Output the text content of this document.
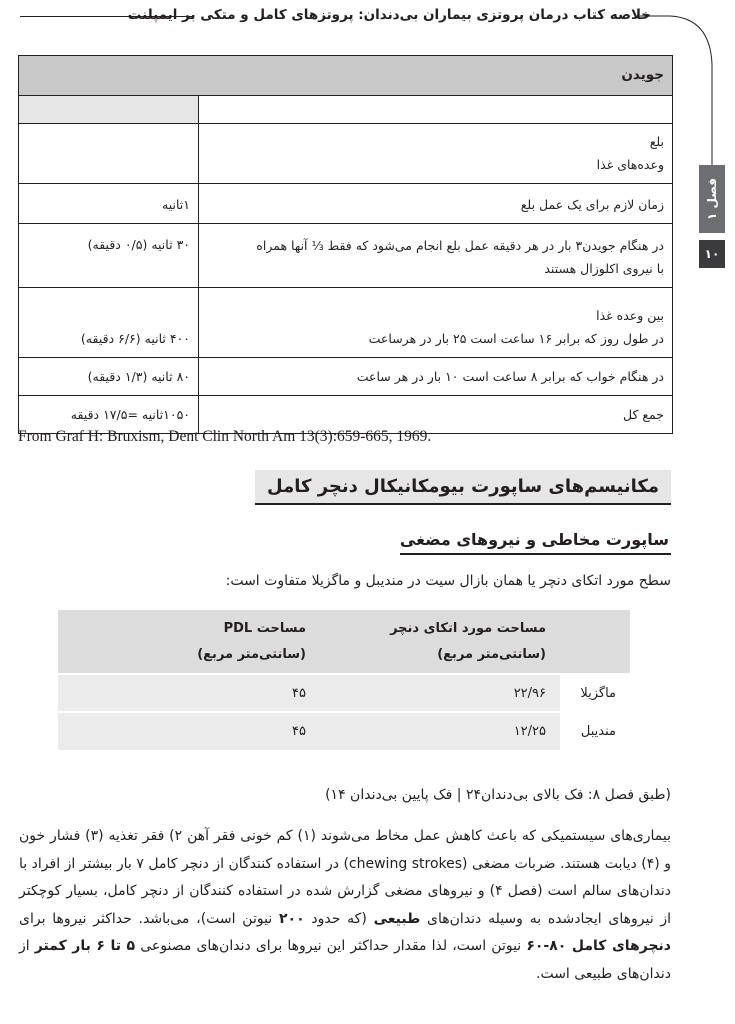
خلاصه کتاب درمان پروتزی بیماران بی‌دندان: پروتزهای کامل و متکی بر ایمپلنت
فصل ۱
۱۰
جویدن	

بلع
وعده‌های غذا	

زمان لازم برای یک عمل بلع	۱ثانیه
در هنگام جویدن۳ بار در هر دقیقه عمل بلع انجام می‌شود که فقط ⅓ آنها همراه
با نیروی اکلوزال هستند	۳۰ ثانیه (۰/۵ دقیقه)
بین وعده غذا
در طول روز که برابر ۱۶ ساعت است ۲۵ بار در هرساعت	۴۰۰ ثانیه (۶/۶ دقیقه)
در هنگام خواب که برابر ۸ ساعت است ۱۰ بار در هر ساعت	۸۰ ثانیه (۱/۳ دقیقه)
جمع کل	۱۰۵۰ثانیه =۱۷/۵ دقیقه
From Graf H: Bruxism, Dent Clin North Am 13(3):659-665, 1969.
مکانیسم‌های ساپورت بیومکانیکال دنچر کامل
ساپورت مخاطی و نیروهای مضغی
سطح مورد اتکای دنچر یا همان بازال سیت در مندیبل و ماگزیلا متفاوت است:
	مساحت مورد اتکای دنچر
(سانتی‌متر مربع)	مساحت PDL
(سانتی‌متر مربع)
ماگزیلا	۲۲/۹۶	۴۵
مندیبل	۱۲/۲۵	۴۵
(طبق فصل ۸: فک بالای بی‌دندان۲۴ | فک پایین بی‌دندان ۱۴)

بیماری‌های سیستمیکی که باعث کاهش عمل مخاط می‌شوند (۱) کم خونی فقر آهن ۲) فقر تغذیه (۳) فشار خون و (۴) دیابت هستند. ضربات مضغی (chewing strokes) در استفاده کنندگان از دنچر کامل ۷ بار بیشتر از افراد با دندان‌های سالم است (فصل ۴) و نیروهای مضغی گزارش شده در استفاده کنندگان از دنچر کامل، بسیار کوچکتر از نیروهای ایجادشده به وسیله دندان‌های طبیعی (که حدود ۲۰۰ نیوتن است)، می‌باشد. حداکثر نیروها برای دنچرهای کامل ۸۰-۶۰ نیوتن است، لذا مقدار حداکثر این نیروها برای دندان‌های مصنوعی ۵ تا ۶ بار کمتر از دندان‌های طبیعی است.
